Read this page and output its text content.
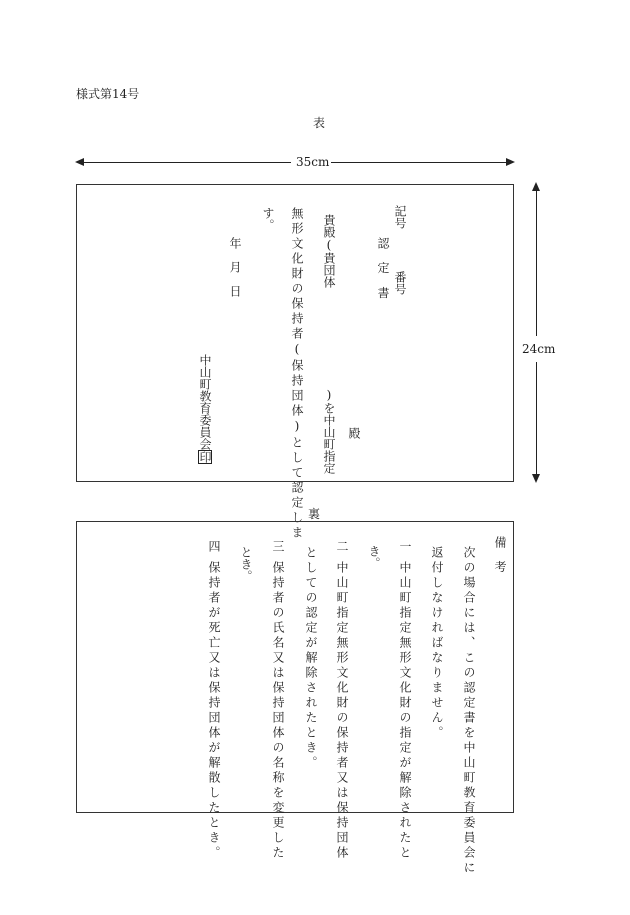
様式第14号
表
35cm
24cm
記号
番号
認定書
殿
貴殿(貴団体
)を中山町指定
無形文化財の保持者(保持団体)として認定しま
す。
年
月
日
中山町教育委員会印
裏
備考
次の場合には、この認定書を中山町教育委員会に
返付しなければなりません。
一
中山町指定無形文化財の指定が解除されたと
き。
二
中山町指定無形文化財の保持者又は保持団体
としての認定が解除されたとき。
三
保持者の氏名又は保持団体の名称を変更した
とき。
四
保持者が死亡又は保持団体が解散したとき。
